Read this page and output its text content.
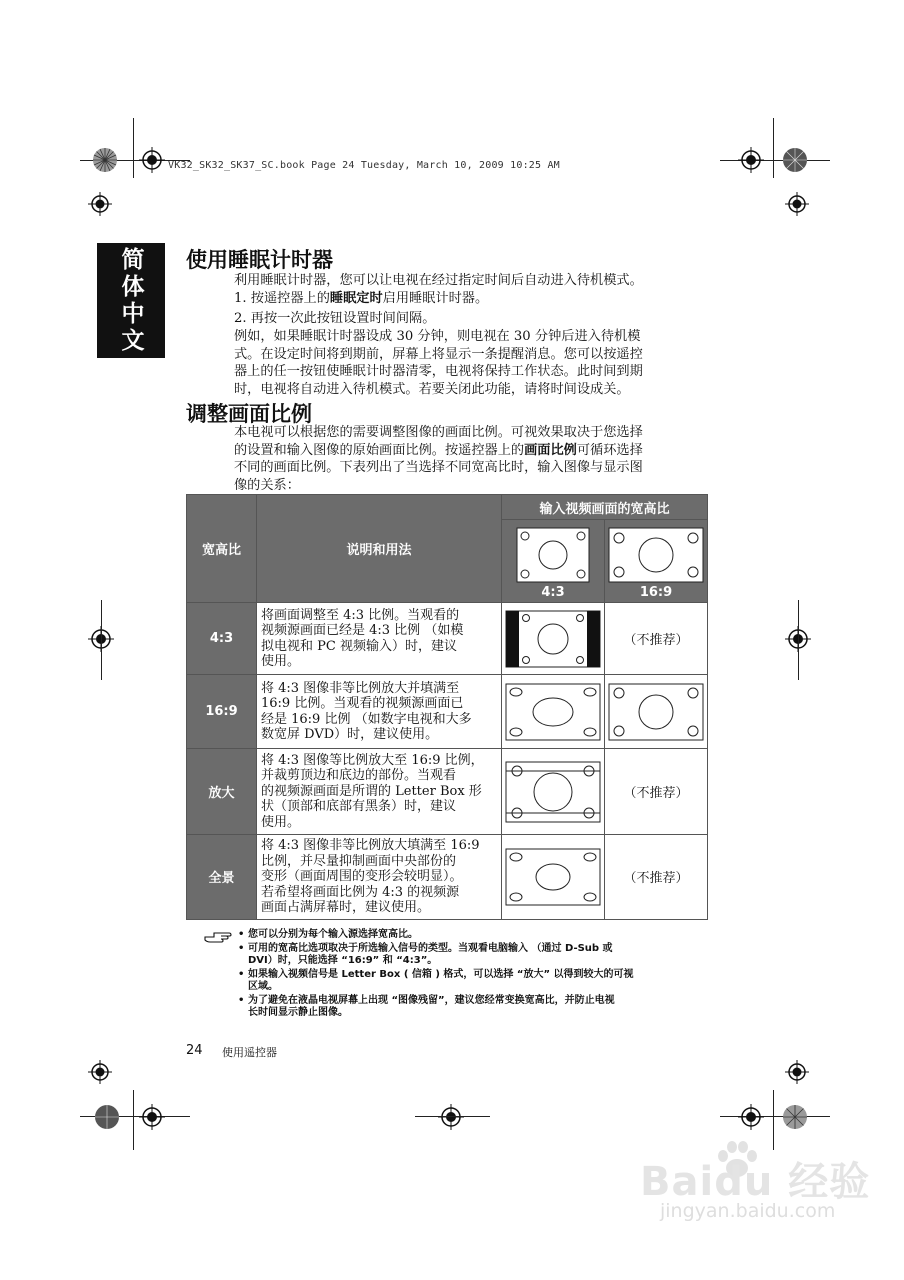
VK32_SK32_SK37_SC.book Page 24 Tuesday, March 10, 2009 10:25 AM
简体中文 使用睡眠计时器
利用睡眠计时器，您可以让电视在经过指定时间后自动进入待机模式。
1. 按遥控器上的睡眠定时启用睡眠计时器。
2. 再按一次此按钮设置时间间隔。
例如，如果睡眠计时器设成 30 分钟，则电视在 30 分钟后进入待机模
式。在设定时间将到期前，屏幕上将显示一条提醒消息。您可以按遥控
器上的任一按钮使睡眠计时器清零，电视将保持工作状态。此时间到期
时，电视将自动进入待机模式。若要关闭此功能，请将时间设成关。
调整画面比例
本电视可以根据您的需要调整图像的画面比例。可视效果取决于您选择
的设置和输入图像的原始画面比例。按遥控器上的画面比例可循环选择
不同的画面比例。下表列出了当选择不同宽高比时，输入图像与显示图
像的关系：
宽高比	说明和用法	输入视频画面的宽高比	

		4:3	16:9

4:3	将画面调整至 4:3 比例。当观看的
视频源画面已经是 4:3 比例 （如模
拟电视和 PC 视频输入）时，建议
使用。		（不推荐）
16:9	将 4:3 图像非等比例放大并填满至
16:9 比例。当观看的视频源画面已
经是 16:9 比例 （如数字电视和大多
数宽屏 DVD）时，建议使用。

放大	将 4:3 图像等比例放大至 16:9 比例，
并裁剪顶边和底边的部份。当观看
的视频源画面是所谓的 Letter Box 形
状（顶部和底部有黑条）时，建议
使用。		（不推荐）
全景	将 4:3 图像非等比例放大填满至 16:9
比例，并尽量抑制画面中央部份的
变形（画面周围的变形会较明显）。
若希望将画面比例为 4:3 的视频源
画面占满屏幕时，建议使用。		（不推荐）
• 您可以分别为每个输入源选择宽高比。
• 可用的宽高比选项取决于所选输入信号的类型。当观看电脑输入 （通过 D-Sub 或
DVI）时，只能选择 “16:9” 和 “4:3”。
• 如果输入视频信号是 Letter Box ( 信箱 ) 格式，可以选择 “放大” 以得到较大的可视
区域。
• 为了避免在液晶电视屏幕上出现 “图像残留”，建议您经常变换宽高比，并防止电视
长时间显示静止图像。
24 使用遥控器
Baidu 经验
jingyan.baidu.com
